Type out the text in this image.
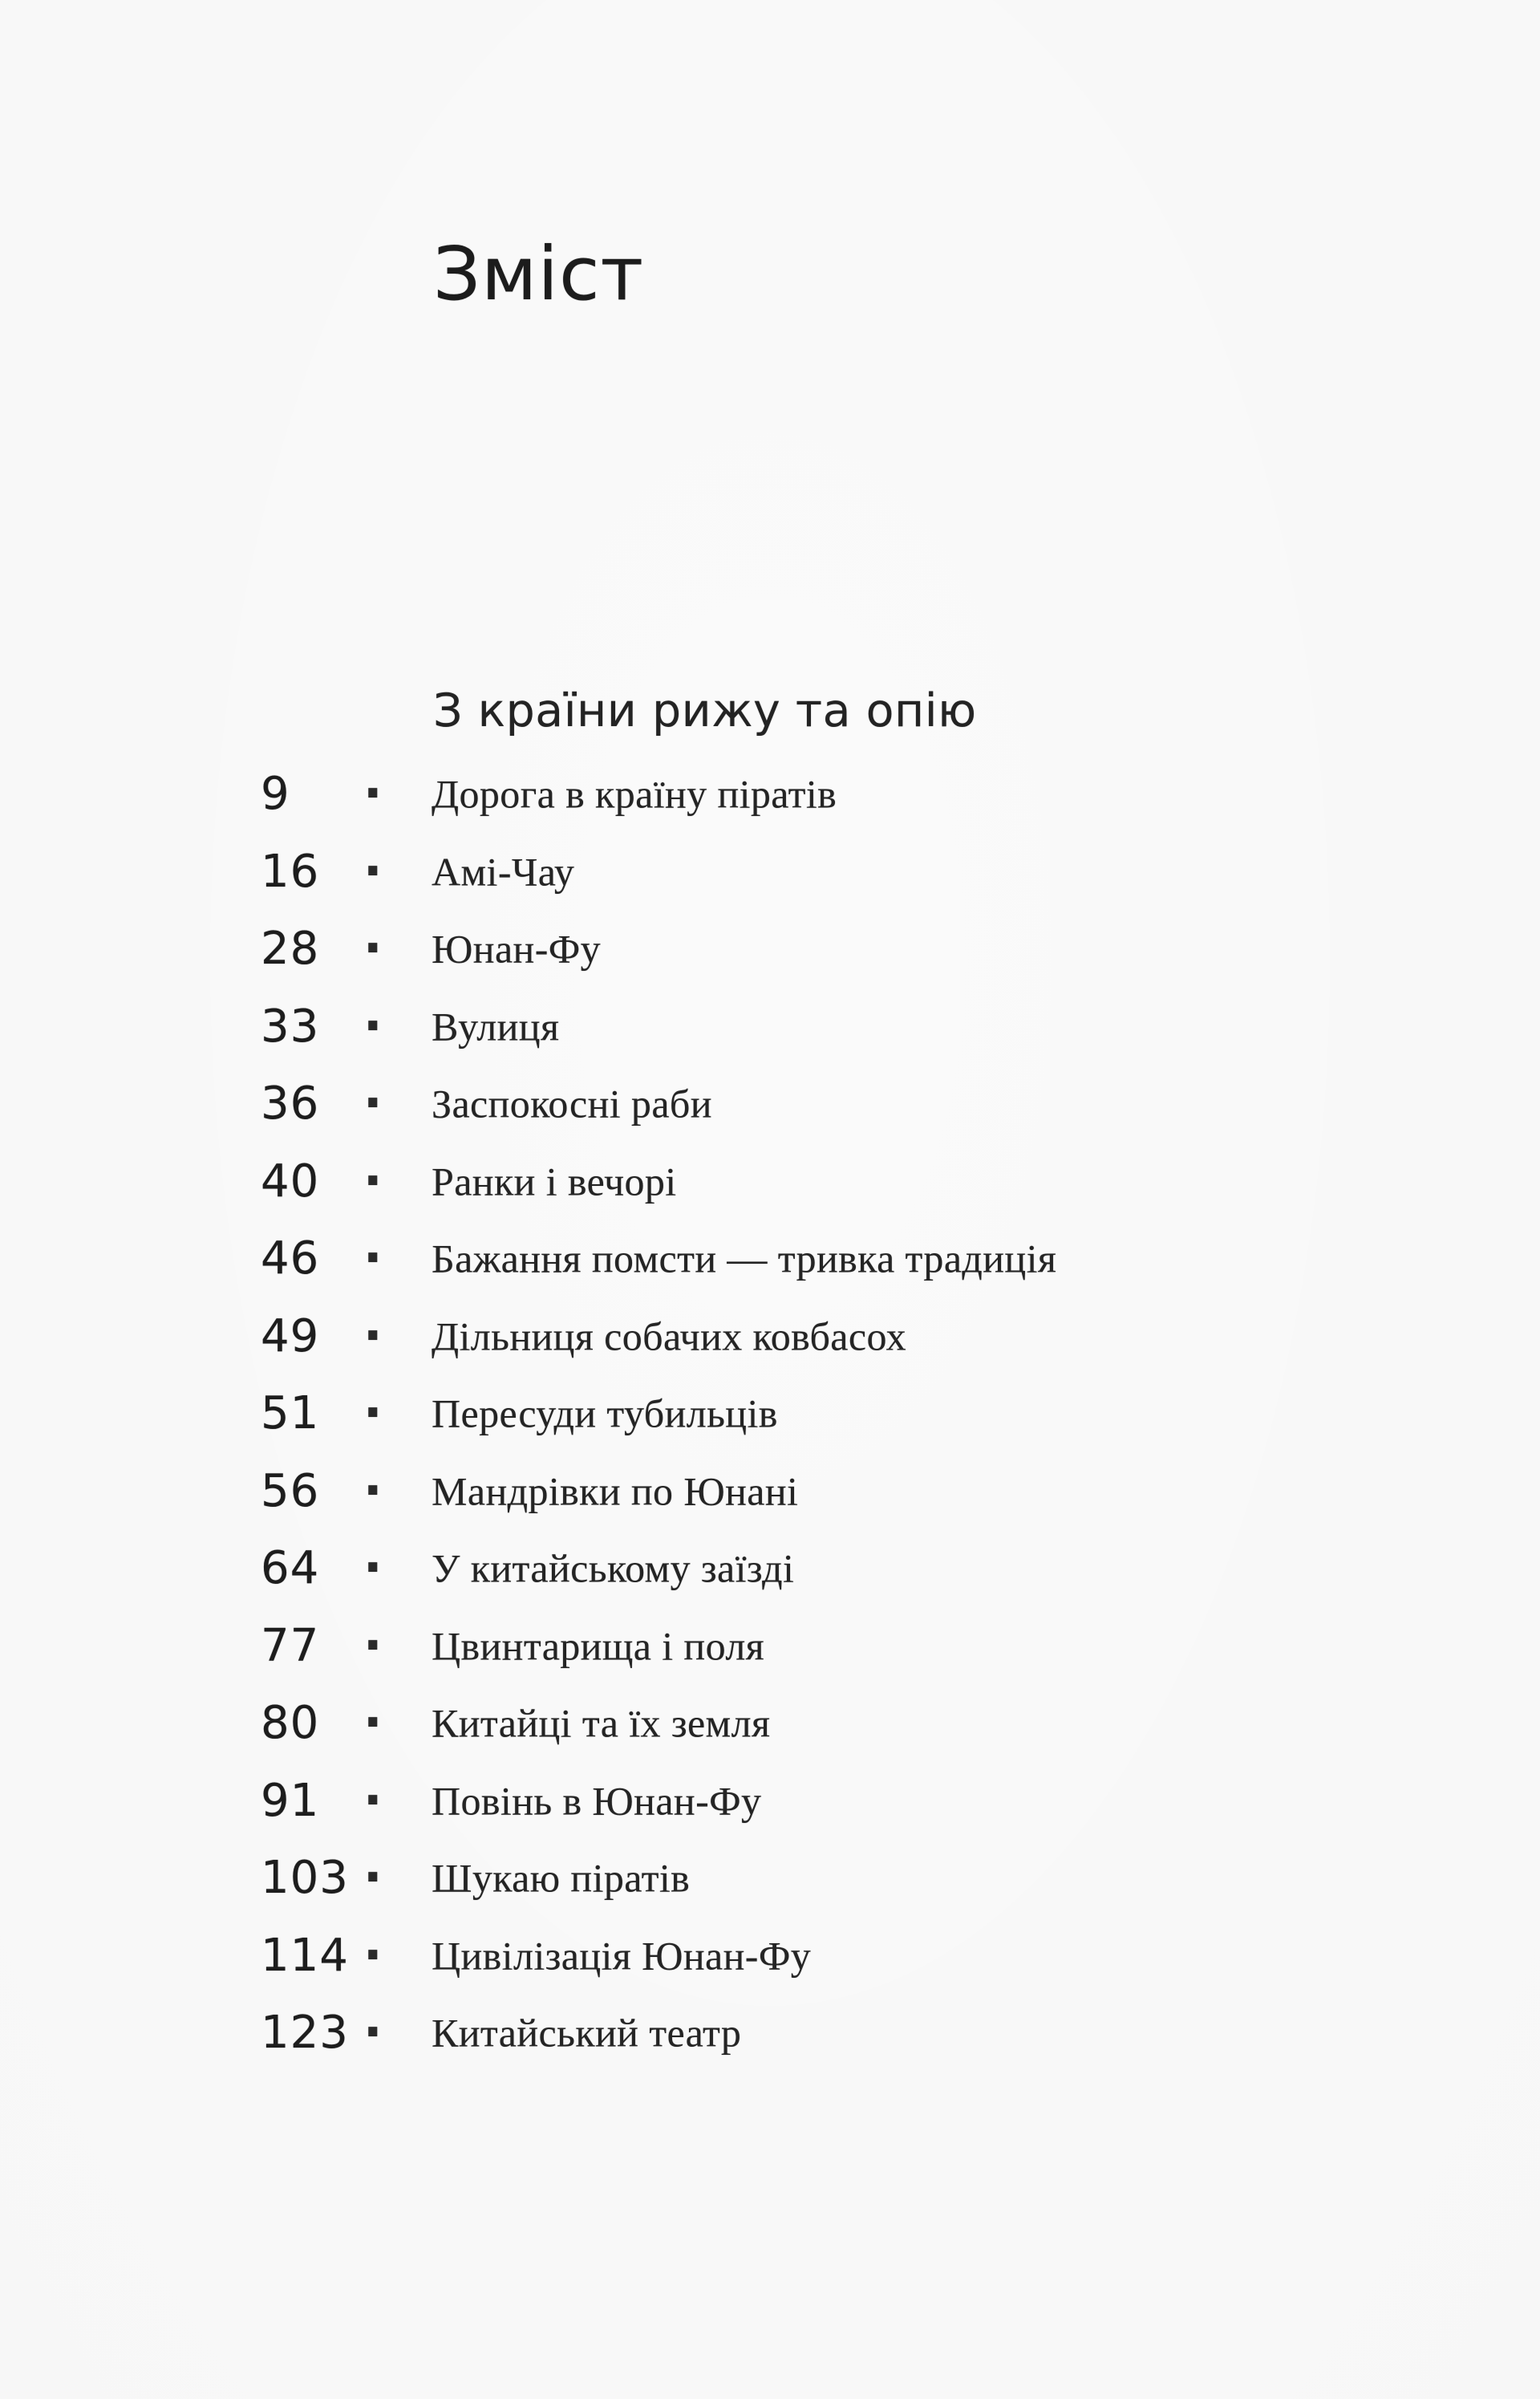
Зміст
З країни рижу та опію
9 · Дорога в країну піратів
16 · Амі-Чау
28 · Юнан-Фу
33 · Вулиця
36 · Заспокосні раби
40 · Ранки і вечорі
46 · Бажання помсти — тривка традиція
49 · Дільниця собачих ковбасох
51 · Пересуди тубильців
56 · Мандрівки по Юнані
64 · У китайському заїзді
77 · Цвинтарища і поля
80 · Китайці та їх земля
91 · Повінь в Юнан-Фу
103 · Шукаю піратів
114 · Цивілізація Юнан-Фу
123 · Китайський театр
